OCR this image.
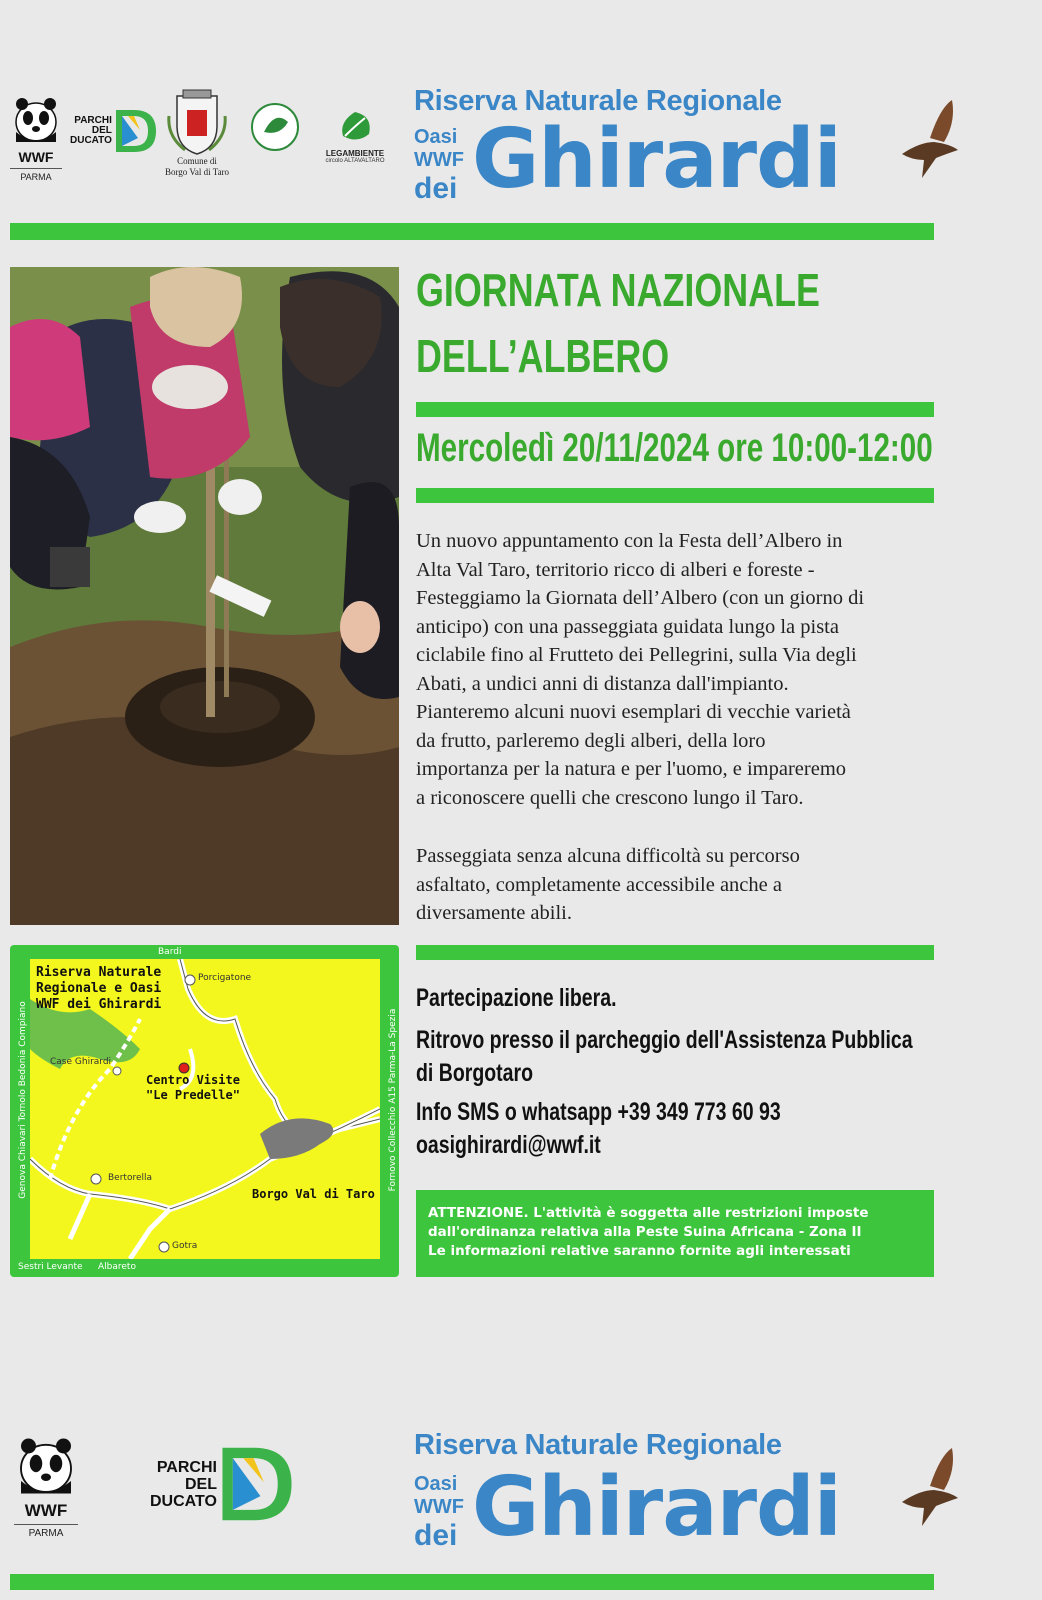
WWF
PARMA
PARCHI
DEL
DUCATO
Comune di
Borgo Val di Taro
LEGAMBIENTE
circolo ALTAVALTARO
Riserva Naturale Regionale
Oasi
WWF
dei Ghirardi
GIORNATA NAZIONALE
DELL’ALBERO
Mercoledì 20/11/2024 ore 10:00-12:00
Un nuovo appuntamento con la Festa dell’Albero in
Alta Val Taro, territorio ricco di alberi e foreste -
Festeggiamo la Giornata dell’Albero (con un giorno di
anticipo) con una passeggiata guidata lungo la pista
ciclabile fino al Frutteto dei Pellegrini, sulla Via degli
Abati, a undici anni di distanza dall'impianto.
Pianteremo alcuni nuovi esemplari di vecchie varietà
da frutto, parleremo degli alberi, della loro
importanza per la natura e per l'uomo, e impareremo
a riconoscere quelli che crescono lungo il Taro.
Passeggiata senza alcuna difficoltà su percorso
asfaltato, completamente accessibile anche a
diversamente abili.
Partecipazione libera.
Ritrovo presso il parcheggio dell'Assistenza Pubblica
di Borgotaro
Info SMS o whatsapp +39 349 773 60 93
oasighirardi@wwf.it
ATTENZIONE. L'attività è soggetta alle restrizioni imposte
dall'ordinanza relativa alla Peste Suina Africana - Zona II
Le informazioni relative saranno fornite agli interessati
Riserva Naturale
Regionale e Oasi
WWF dei Ghirardi
Porcigatone
Case Ghirardi
Centro Visite
"Le Predelle"
Bertorella
Borgo Val di Taro
Gotra
Bardi
Sestri Levante Albareto
Genova Chiavari Tornolo Bedonia Compiano	Fornovo Collecchio A15 Parma-La Spezia
WWF
PARMA
PARCHI
DEL
DUCATO
Riserva Naturale Regionale
Oasi
WWF
dei Ghirardi
